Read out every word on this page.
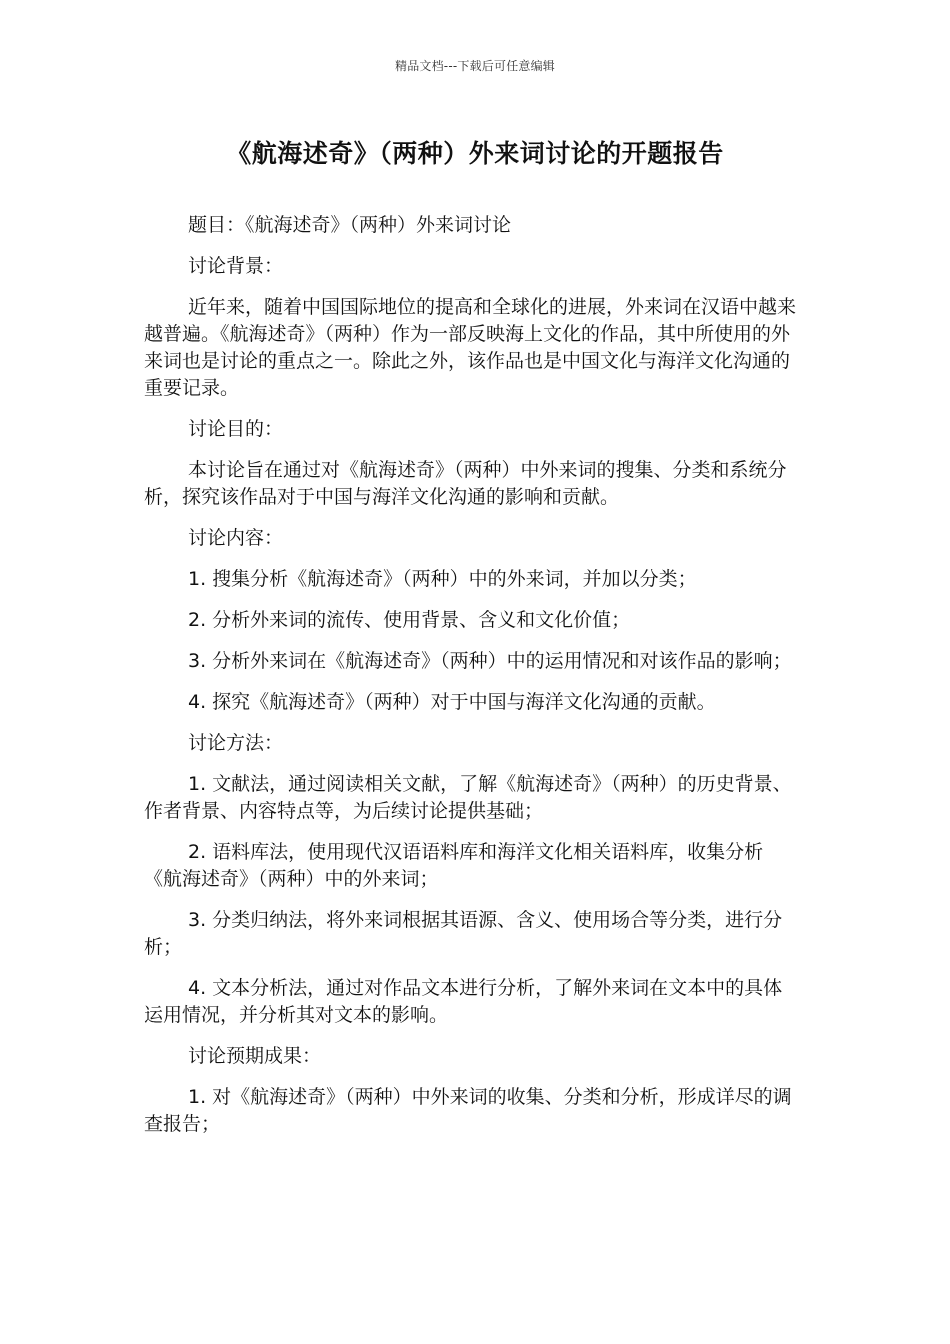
精品文档---下载后可任意编辑
《航海述奇》（两种）外来词讨论的开题报告

题目：《航海述奇》（两种）外来词讨论

讨论背景：

近年来，随着中国国际地位的提高和全球化的进展，外来词在汉语中越来越普遍。《航海述奇》（两种）作为一部反映海上文化的作品，其中所使用的外来词也是讨论的重点之一。除此之外，该作品也是中国文化与海洋文化沟通的重要记录。

讨论目的：

本讨论旨在通过对《航海述奇》（两种）中外来词的搜集、分类和系统分析，探究该作品对于中国与海洋文化沟通的影响和贡献。

讨论内容：

1. 搜集分析《航海述奇》（两种）中的外来词，并加以分类；

2. 分析外来词的流传、使用背景、含义和文化价值；

3. 分析外来词在《航海述奇》（两种）中的运用情况和对该作品的影响；

4. 探究《航海述奇》（两种）对于中国与海洋文化沟通的贡献。

讨论方法：

1. 文献法，通过阅读相关文献，了解《航海述奇》（两种）的历史背景、作者背景、内容特点等，为后续讨论提供基础；

2. 语料库法，使用现代汉语语料库和海洋文化相关语料库，收集分析《航海述奇》（两种）中的外来词；

3. 分类归纳法，将外来词根据其语源、含义、使用场合等分类，进行分析；

4. 文本分析法，通过对作品文本进行分析，了解外来词在文本中的具体运用情况，并分析其对文本的影响。

讨论预期成果：

1. 对《航海述奇》（两种）中外来词的收集、分类和分析，形成详尽的调查报告；
